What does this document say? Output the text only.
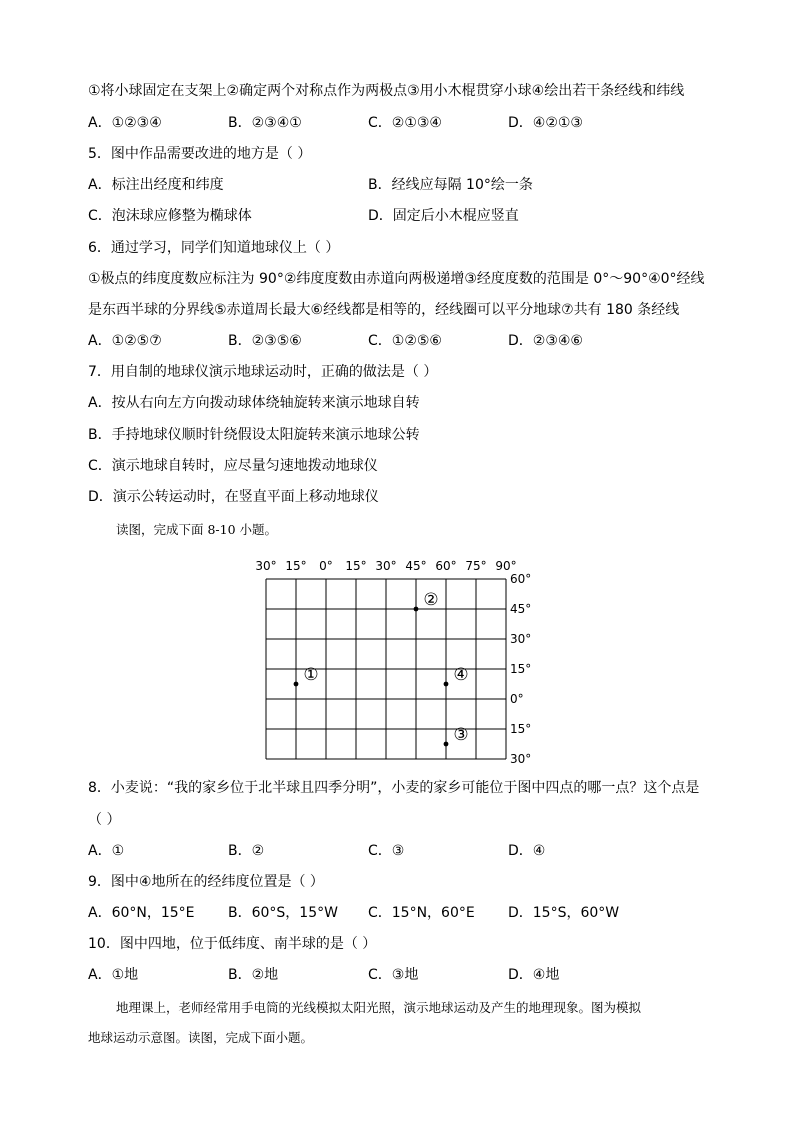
①将小球固定在支架上②确定两个对称点作为两极点③用小木棍贯穿小球④绘出若干条经线和纬线
A．①②③④	B．②③④①	C．②①③④	D．④②①③
5．图中作品需要改进的地方是（ ）
A．标注出经度和纬度	B．经线应每隔 10°绘一条
C．泡沫球应修整为椭球体	D．固定后小木棍应竖直
6．通过学习，同学们知道地球仪上（ ）
①极点的纬度度数应标注为 90°②纬度度数由赤道向两极递增③经度度数的范围是 0°～90°④0°经线
是东西半球的分界线⑤赤道周长最大⑥经线都是相等的，经线圈可以平分地球⑦共有 180 条经线
A．①②⑤⑦	B．②③⑤⑥	C．①②⑤⑥	D．②③④⑥
7．用自制的地球仪演示地球运动时，正确的做法是（ ）
A．按从右向左方向拨动球体绕轴旋转来演示地球自转
B．手持地球仪顺时针绕假设太阳旋转来演示地球公转
C．演示地球自转时，应尽量匀速地拨动地球仪
D．演示公转运动时，在竖直平面上移动地球仪
读图，完成下面 8-10 小题。
30° 15° 0° 15° 30° 45° 60° 75° 90°
60°
45°
30°
15°
0°
15°
30°
①
②
③
④
8．小麦说：“我的家乡位于北半球且四季分明”，小麦的家乡可能位于图中四点的哪一点？这个点是
（ ）
A．①	B．②	C．③	D．④
9．图中④地所在的经纬度位置是（ ）
A．60°N，15°E B．60°S，15°W C．15°N，60°E D．15°S，60°W
10．图中四地，位于低纬度、南半球的是（ ）
A．①地	B．②地	C．③地	D．④地
地理课上，老师经常用手电筒的光线模拟太阳光照，演示地球运动及产生的地理现象。图为模拟
地球运动示意图。读图，完成下面小题。
